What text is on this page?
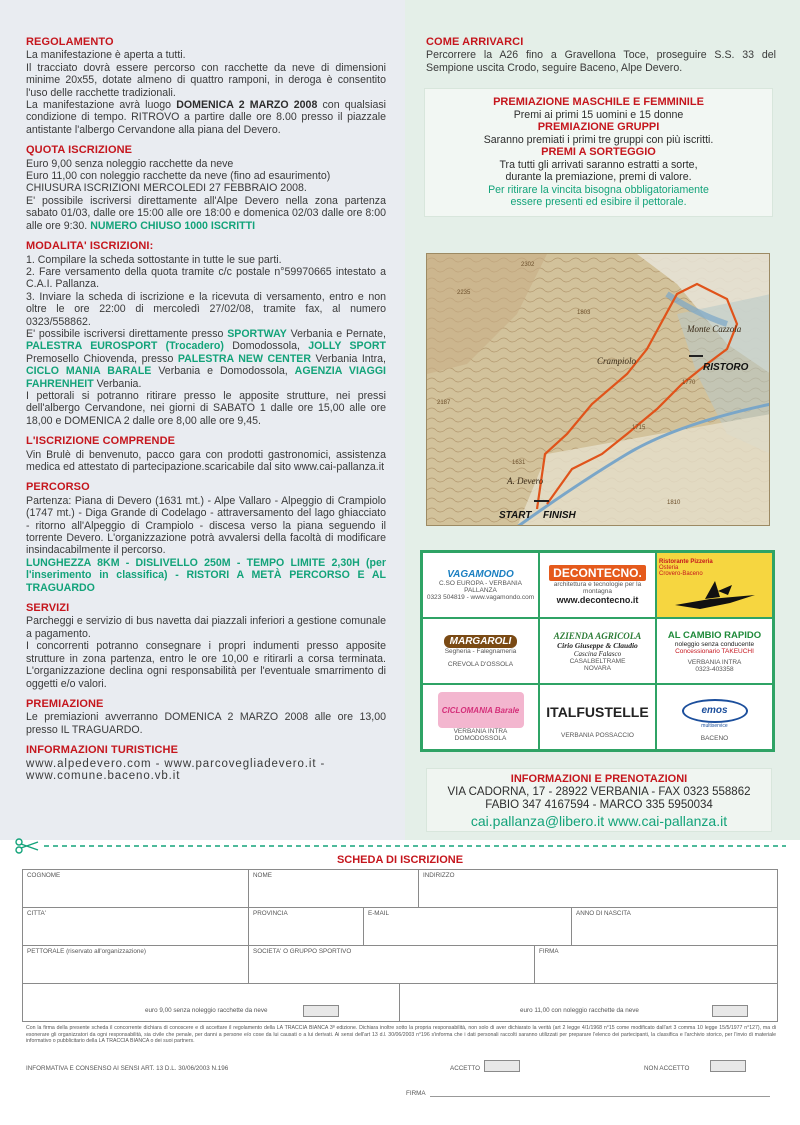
REGOLAMENTO

La manifestazione è aperta a tutti.

Il tracciato dovrà essere percorso con racchette da neve di dimensioni minime 20x55, dotate almeno di quattro ramponi, in deroga è consentito l'uso delle racchette tradizionali.

La manifestazione avrà luogo DOMENICA 2 MARZO 2008 con qualsiasi condizione di tempo. RITROVO a partire dalle ore 8.00 presso il piazzale antistante l'albergo Cervandone alla piana del Devero.

QUOTA ISCRIZIONE

Euro 9,00 senza noleggio racchette da neve

Euro 11,00 con noleggio racchette da neve (fino ad esaurimento)

CHIUSURA ISCRIZIONI MERCOLEDI 27 FEBBRAIO 2008.

E' possibile iscriversi direttamente all'Alpe Devero nella zona partenza sabato 01/03, dalle ore 15:00 alle ore 18:00 e domenica 02/03 dalle ore 8:00 alle ore 9:30. NUMERO CHIUSO 1000 ISCRITTI

MODALITA' ISCRIZIONI:

1. Compilare la scheda sottostante in tutte le sue parti.

2. Fare versamento della quota tramite c/c postale n°59970665 intestato a C.A.I. Pallanza.

3. Inviare la scheda di iscrizione e la ricevuta di versamento, entro e non oltre le ore 22:00 di mercoledì 27/02/08, tramite fax, al numero 0323/558862.

E' possibile iscriversi direttamente presso SPORTWAY Verbania e Pernate, PALESTRA EUROSPORT (Trocadero) Domodossola, JOLLY SPORT Premosello Chiovenda, presso PALESTRA NEW CENTER Verbania Intra, CICLO MANIA BARALE Verbania e Domodossola, AGENZIA VIAGGI FAHRENHEIT Verbania.

I pettorali si potranno ritirare presso le apposite strutture, nei pressi dell'albergo Cervandone, nei giorni di SABATO 1 dalle ore 15,00 alle ore 18,00 e DOMENICA 2 dalle ore 8,00 alle ore 9,45.

L'ISCRIZIONE COMPRENDE

Vin Brulè di benvenuto, pacco gara con prodotti gastronomici, assistenza medica ed attestato di partecipazione.scaricabile dal sito www.cai-pallanza.it

PERCORSO

Partenza: Piana di Devero (1631 mt.) - Alpe Vallaro - Alpeggio di Crampiolo (1747 mt.) - Diga Grande di Codelago - attraversamento del lago ghiacciato - ritorno all'Alpeggio di Crampiolo - discesa verso la piana seguendo il torrente Devero. L'organizzazione potrà avvalersi della facoltà di modificare insindacabilmente il percorso.

LUNGHEZZA 8KM - DISLIVELLO 250M - TEMPO LIMITE 2,30H (per l'inserimento in classifica) - RISTORI A METÀ PERCORSO E AL TRAGUARDO

SERVIZI

Parcheggi e servizio di bus navetta dai piazzali inferiori a gestione comunale a pagamento.

I concorrenti potranno consegnare i propri indumenti presso apposite strutture in zona partenza, entro le ore 10,00 e ritirarli a corsa terminata. L'organizzazione declina ogni responsabilità per l'eventuale smarrimento di oggetti e/o valori.

PREMIAZIONE

Le premiazioni avverranno DOMENICA 2 MARZO 2008 alle ore 13,00 presso IL TRAGUARDO.

INFORMAZIONI TURISTICHE

www.alpedevero.com - www.parcovegliadevero.it -

www.comune.baceno.vb.it

COME ARRIVARCI

Percorrere la A26 fino a Gravellona Toce, proseguire S.S. 33 del Sempione uscita Crodo, seguire Baceno, Alpe Devero.

PREMIAZIONE MASCHILE E FEMMINILE
Premi ai primi 15 uomini e 15 donne
PREMIAZIONE GRUPPI
Saranno premiati i primi tre gruppi con più iscritti.
PREMI A SORTEGGIO
Tra tutti gli arrivati saranno estratti a sorte,
durante la premiazione, premi di valore.
Per ritirare la vincita bisogna obbligatoriamente
essere presenti ed esibire il pettorale.
2302
2235
1770
1631
1715
1803
1810
2187
Monte Cazzola
Crampiolo
A. Devero
RISTORO
START FINISH
VAGAMONDO
C.SO EUROPA - VERBANIA PALLANZA
0323 504819 - www.vagamondo.com
DECONTECNO.
architettura e tecnologie per la montagna
www.decontecno.it
Ristorante Pizzeria
Osteria
Crovero-Baceno
MARGAROLI
Segheria - Falegnameria
CREVOLA D'OSSOLA
AZIENDA AGRICOLA
Cirio Giuseppe & Claudio
Cascina Falasco
CASALBELTRAME
NOVARA
AL CAMBIO RAPIDO
noleggio senza conducente
Concessionario TAKEUCHI
VERBANIA INTRA
0323-403358
CICLOMANIA Barale
VERBANIA INTRA
DOMODOSSOLA
ITALFUSTELLE
VERBANIA POSSACCIO
emos
multiservice
BACENO
INFORMAZIONI E PRENOTAZIONI
VIA CADORNA, 17 - 28922 VERBANIA - FAX 0323 558862
FABIO 347 4167594 - MARCO 335 5950034
cai.pallanza@libero.it www.cai-pallanza.it
SCHEDA DI ISCRIZIONE
COGNOME	NOME	INDIRIZZO
CITTA'	PROVINCIA	E-MAIL	ANNO DI NASCITA
PETTORALE (riservato all'organizzazione)	SOCIETA' O GRUPPO SPORTIVO	FIRMA
euro 9,00 senza noleggio racchette da neve	euro 11,00 con noleggio racchette da neve
Con la firma della presente scheda il concorrente dichiara di conoscere e di accettare il regolamento della LA TRACCIA BIANCA 3ª edizione. Dichiara inoltre sotto la propria responsabilità, non solo di aver dichiarato la verità (art 2 legge 4/1/1968 n°15 come modificato dall'art 3 comma 10 legge 15/5/1977 n°127), ma di esonerare gli organizzatori da ogni responsabilità, sia civile che penale, per danni a persone e/o cose da lui causati o a lui derivati. Ai sensi dell'art 13 d.l. 30/06/2003 n°196 s'informa che i dati personali raccolti saranno utilizzati per preparare l'elenco dei partecipanti, la classifica e l'archivio storico, per l'invio di materiale informativo o pubblicitario della LA TRACCIA BIANCA o dei suoi partners.
INFORMATIVA E CONSENSO AI SENSI ART. 13 D.L. 30/06/2003 N.196	ACCETTO	NON ACCETTO
FIRMA
